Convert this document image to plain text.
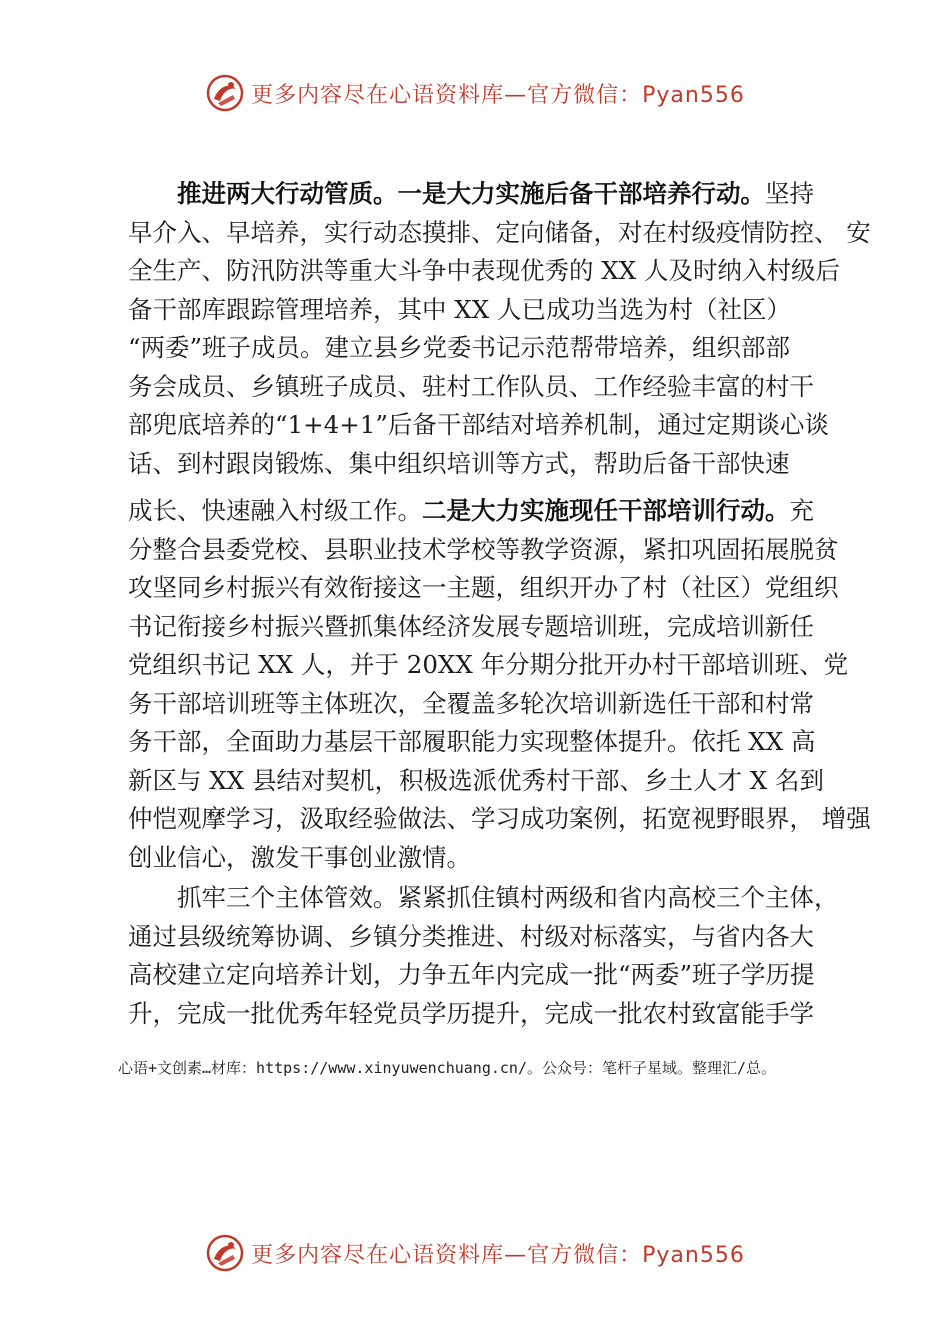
更多内容尽在心语资料库—官方微信：Pyan556
推进两大行动管质。一是大力实施后备干部培养行动。坚持
早介入、早培养，实行动态摸排、定向储备，对在村级疫情防控、 安
全生产、防汛防洪等重大斗争中表现优秀的 XX 人及时纳入村级后
备干部库跟踪管理培养，其中 XX 人已成功当选为村（社区）
“两委”班子成员。建立县乡党委书记示范帮带培养，组织部部
务会成员、乡镇班子成员、驻村工作队员、工作经验丰富的村干
部兜底培养的“1+4+1”后备干部结对培养机制，通过定期谈心谈
话、到村跟岗锻炼、集中组织培训等方式，帮助后备干部快速
成长、快速融入村级工作。二是大力实施现任干部培训行动。充
分整合县委党校、县职业技术学校等教学资源，紧扣巩固拓展脱贫
攻坚同乡村振兴有效衔接这一主题，组织开办了村（社区）党组织
书记衔接乡村振兴暨抓集体经济发展专题培训班，完成培训新任
党组织书记 XX 人，并于 20XX 年分期分批开办村干部培训班、党
务干部培训班等主体班次，全覆盖多轮次培训新选任干部和村常
务干部，全面助力基层干部履职能力实现整体提升。依托 XX 高
新区与 XX 县结对契机，积极选派优秀村干部、乡土人才 X 名到
仲恺观摩学习，汲取经验做法、学习成功案例，拓宽视野眼界， 增强
创业信心，激发干事创业激情。
抓牢三个主体管效。紧紧抓住镇村两级和省内高校三个主体，
通过县级统筹协调、乡镇分类推进、村级对标落实，与省内各大
高校建立定向培养计划，力争五年内完成一批“两委”班子学历提
升，完成一批优秀年轻党员学历提升，完成一批农村致富能手学
心语+文创素…材库：https://www.xinyuwenchuang.cn/。公众号：笔杆子星域。整理汇/总。
更多内容尽在心语资料库—官方微信：Pyan556
